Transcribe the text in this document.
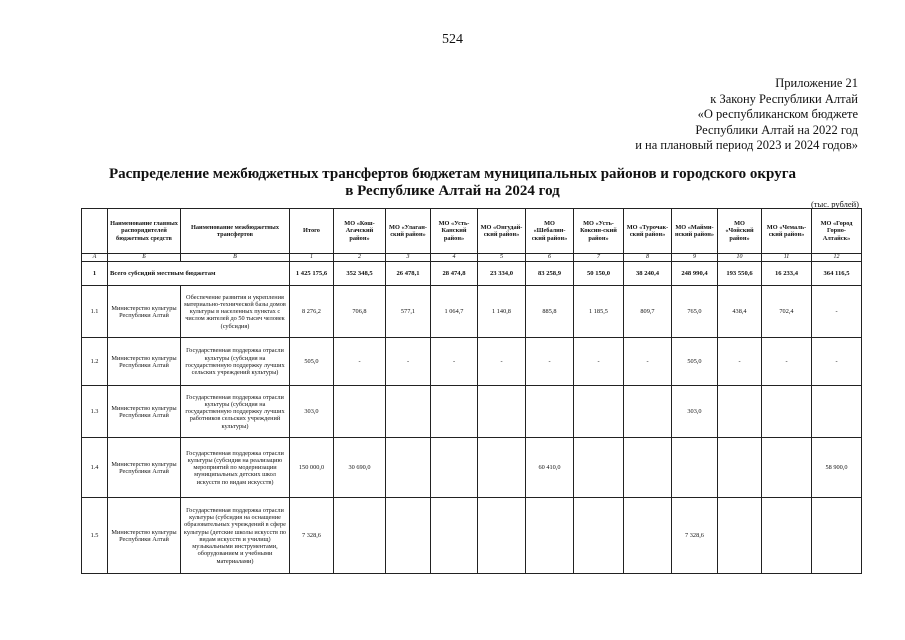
524
Приложение 21
к Закону Республики Алтай
«О республиканском бюджете
Республики Алтай на 2022 год
и на плановый период 2023 и 2024 годов»
Распределение межбюджетных трансфертов бюджетам муниципальных районов и городского округа
в Республике Алтай на 2024 год
(тыс. рублей)
	Наименование главных распорядителей бюджетных средств	Наименование межбюджетных трансфертов	Итого	МО «Кош-Агачский район»	МО «Улаган-ский район»	МО «Усть-Канский район»	МО «Онгудай-ский район»	МО «Шебалин-ский район»	МО «Усть-Коксин-ский район»	МО «Турочак-ский район»	МО «Майми-нский район»	МО «Чойский район»	МО «Чемаль-ский район»	МО «Город Горно-Алтайск»
А	Б	В	1	2	3	4	5	6	7	8	9	10	11	12
1	Всего субсидий местным бюджетам		1 425 175,6	352 348,5	26 478,1	28 474,8	23 334,0	83 258,9	50 150,0	38 240,4	248 990,4	193 550,6	16 233,4	364 116,5
1.1	Министерство культуры Республики Алтай	Обеспечение развития и укрепления материально-технической базы домов культуры в населенных пунктах с числом жителей до 50 тысяч человек (субсидия)	8 276,2	706,8	577,1	1 064,7	1 140,8	885,8	1 185,5	809,7	765,0	438,4	702,4	-
1.2	Министерство культуры Республики Алтай	Государственная поддержка отрасли культуры (субсидия на государственную поддержку лучших сельских учреждений культуры)	505,0	-	-	-	-	-	-	-	505,0	-	-	-
1.3	Министерство культуры Республики Алтай	Государственная поддержка отрасли культуры (субсидия на государственную поддержку лучших работников сельских учреждений культуры)	303,0								303,0			
1.4	Министерство культуры Республики Алтай	Государственная поддержка отрасли культуры (субсидия на реализацию мероприятий по модернизации муниципальных детских школ искусств по видам искусств)	150 000,0	30 690,0				60 410,0						58 900,0
1.5	Министерство культуры Республики Алтай	Государственная поддержка отрасли культуры (субсидия на оснащение образовательных учреждений в сфере культуры (детские школы искусств по видам искусств и училищ) музыкальными инструментами, оборудованием и учебными материалами)	7 328,6								7 328,6			
